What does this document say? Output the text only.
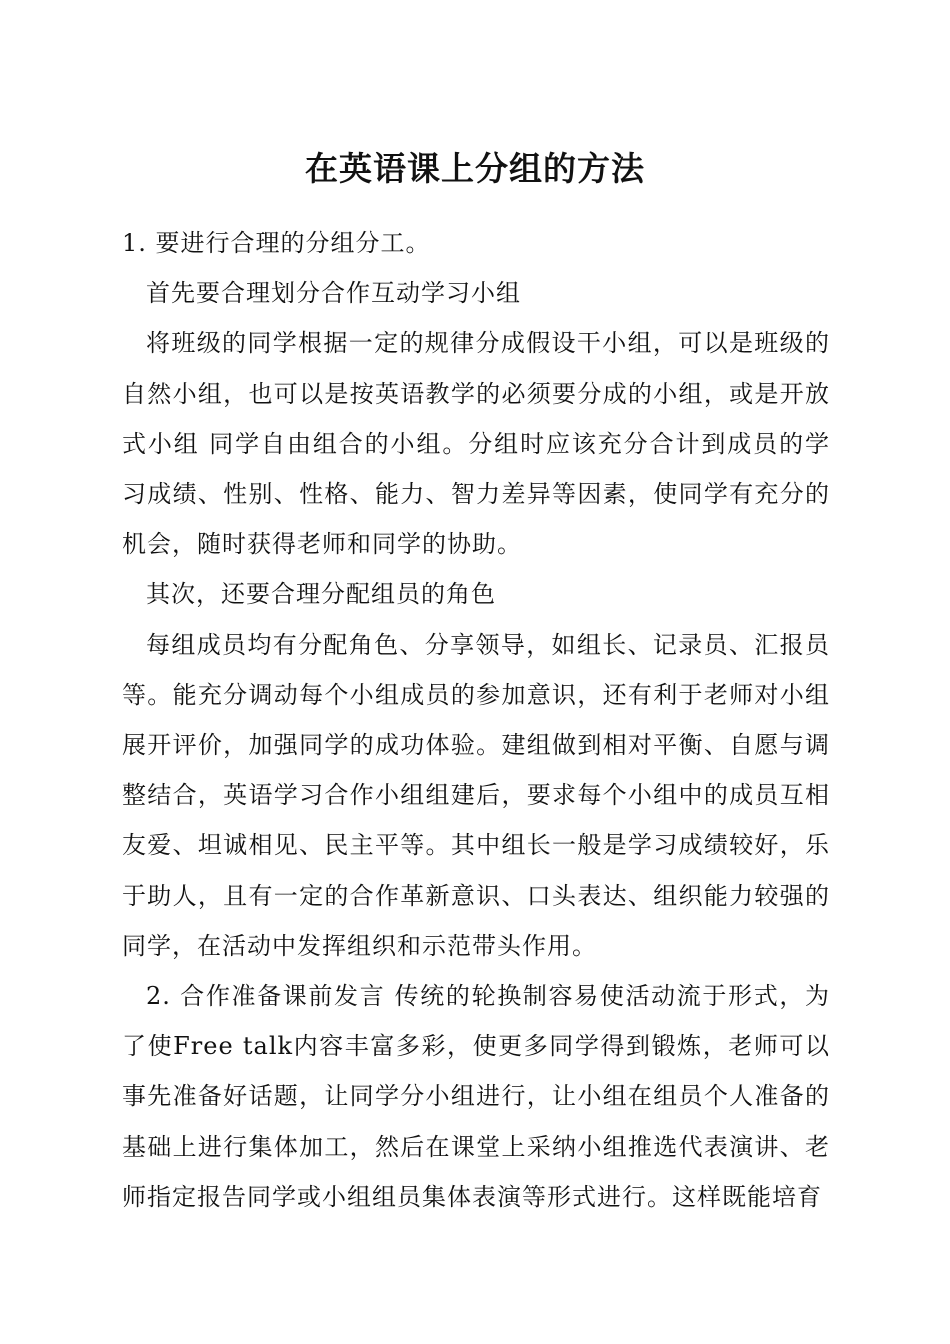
在英语课上分组的方法

1. 要进行合理的分组分工。

首先要合理划分合作互动学习小组

将班级的同学根据一定的规律分成假设干小组，可以是班级的自然小组，也可以是按英语教学的必须要分成的小组，或是开放式小组 同学自由组合的小组。分组时应该充分合计到成员的学习成绩、性别、性格、能力、智力差异等因素，使同学有充分的机会，随时获得老师和同学的协助。

其次，还要合理分配组员的角色

每组成员均有分配角色、分享领导，如组长、记录员、汇报员等。能充分调动每个小组成员的参加意识，还有利于老师对小组展开评价，加强同学的成功体验。建组做到相对平衡、自愿与调整结合，英语学习合作小组组建后，要求每个小组中的成员互相友爱、坦诚相见、民主平等。其中组长一般是学习成绩较好，乐于助人，且有一定的合作革新意识、口头表达、组织能力较强的同学，在活动中发挥组织和示范带头作用。

2. 合作准备课前发言 传统的轮换制容易使活动流于形式，为了使Free talk内容丰富多彩，使更多同学得到锻炼，老师可以事先准备好话题，让同学分小组进行，让小组在组员个人准备的基础上进行集体加工，然后在课堂上采纳小组推选代表演讲、老师指定报告同学或小组组员集体表演等形式进行。这样既能培育
